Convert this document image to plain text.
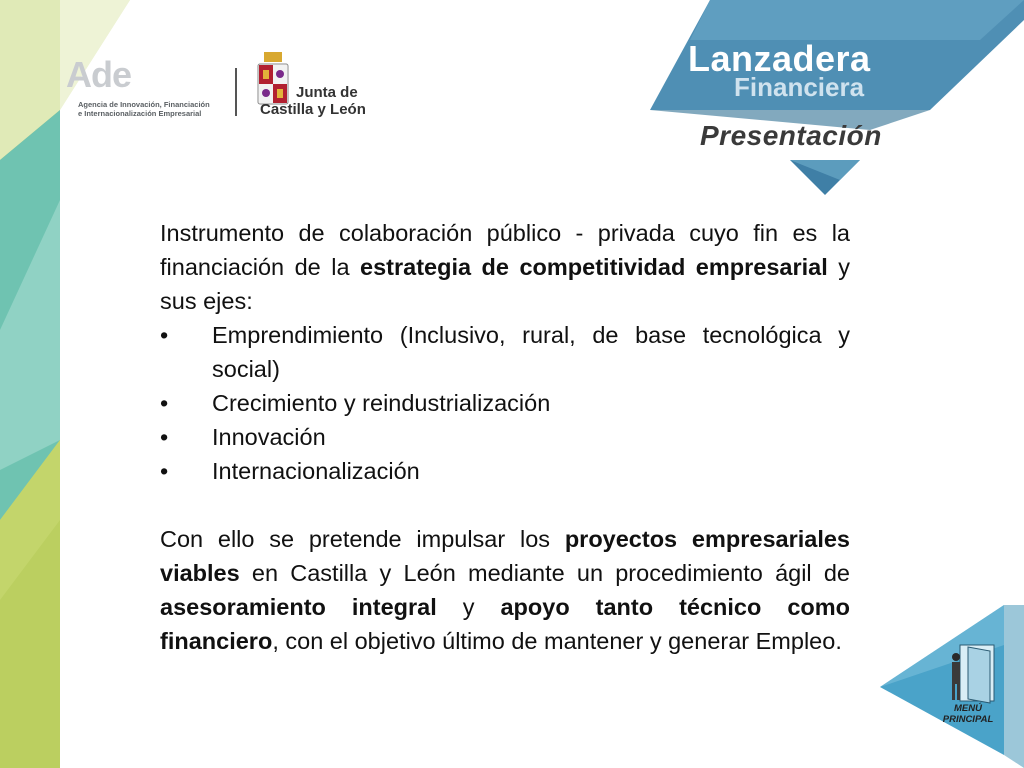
Ade
Agencia de Innovación, Financiación
e Internacionalización Empresarial
Junta de
Castilla y León
Lanzadera
Financiera
Presentación

Instrumento de colaboración público - privada cuyo fin es la financiación de la estrategia de competitividad empresarial y sus ejes:

• Emprendimiento (Inclusivo, rural, de base tecnológica y social)
• Crecimiento y reindustrialización
• Innovación
• Internacionalización

Con ello se pretende impulsar los proyectos empresariales viables en Castilla y León mediante un procedimiento ágil de asesoramiento integral y apoyo tanto técnico como financiero, con el objetivo último de mantener y generar Empleo.

MENÚ
PRINCIPAL
